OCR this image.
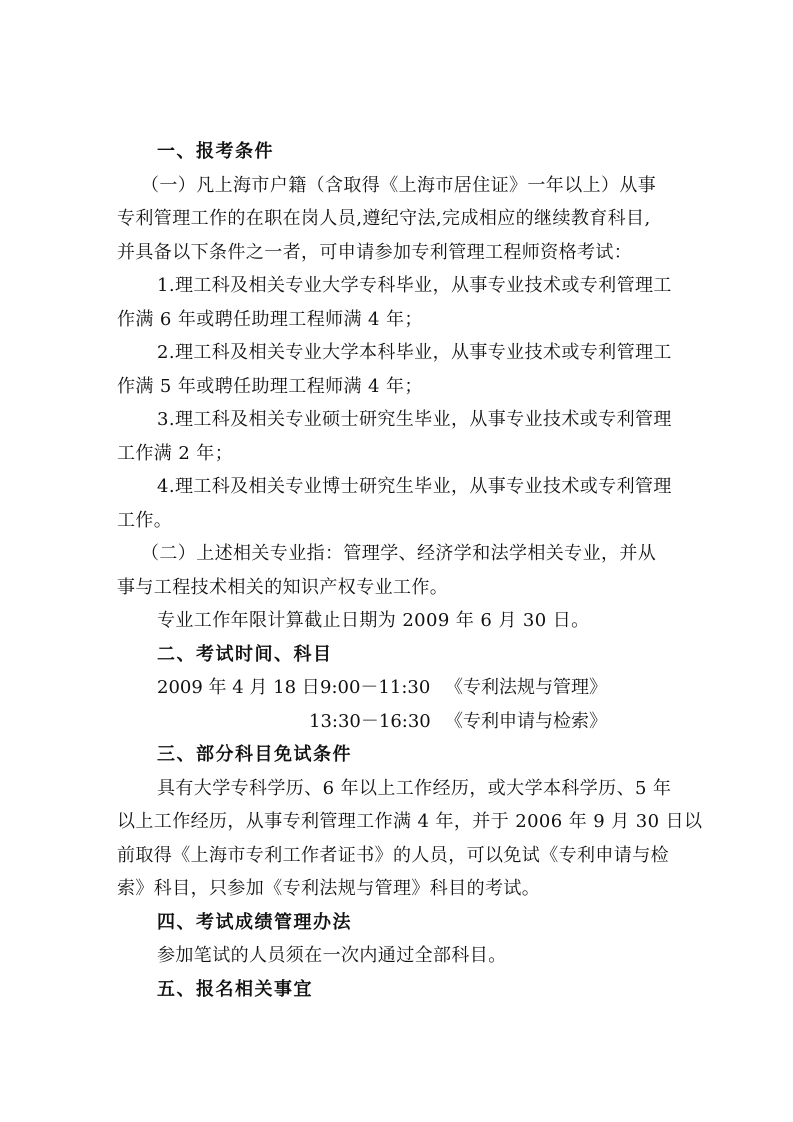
一、报考条件
（一）凡上海市户籍（含取得《上海市居住证》一年以上）从事
专利管理工作的在职在岗人员,遵纪守法,完成相应的继续教育科目,
并具备以下条件之一者，可申请参加专利管理工程师资格考试：
1.理工科及相关专业大学专科毕业，从事专业技术或专利管理工
作满 6 年或聘任助理工程师满 4 年；
2.理工科及相关专业大学本科毕业，从事专业技术或专利管理工
作满 5 年或聘任助理工程师满 4 年；
3.理工科及相关专业硕士研究生毕业，从事专业技术或专利管理
工作满 2 年；
4.理工科及相关专业博士研究生毕业，从事专业技术或专利管理
工作。
（二）上述相关专业指：管理学、经济学和法学相关专业，并从
事与工程技术相关的知识产权专业工作。
专业工作年限计算截止日期为 2009 年 6 月 30 日。
二、考试时间、科目
2009 年 4 月 18 日 9:00－11:30 《专利法规与管理》
13:30－16:30 《专利申请与检索》
三、部分科目免试条件
具有大学专科学历、6 年以上工作经历，或大学本科学历、5 年
以上工作经历，从事专利管理工作满 4 年，并于 2006 年 9 月 30 日以
前取得《上海市专利工作者证书》的人员，可以免试《专利申请与检
索》科目，只参加《专利法规与管理》科目的考试。
四、考试成绩管理办法
参加笔试的人员须在一次内通过全部科目。
五、报名相关事宜
